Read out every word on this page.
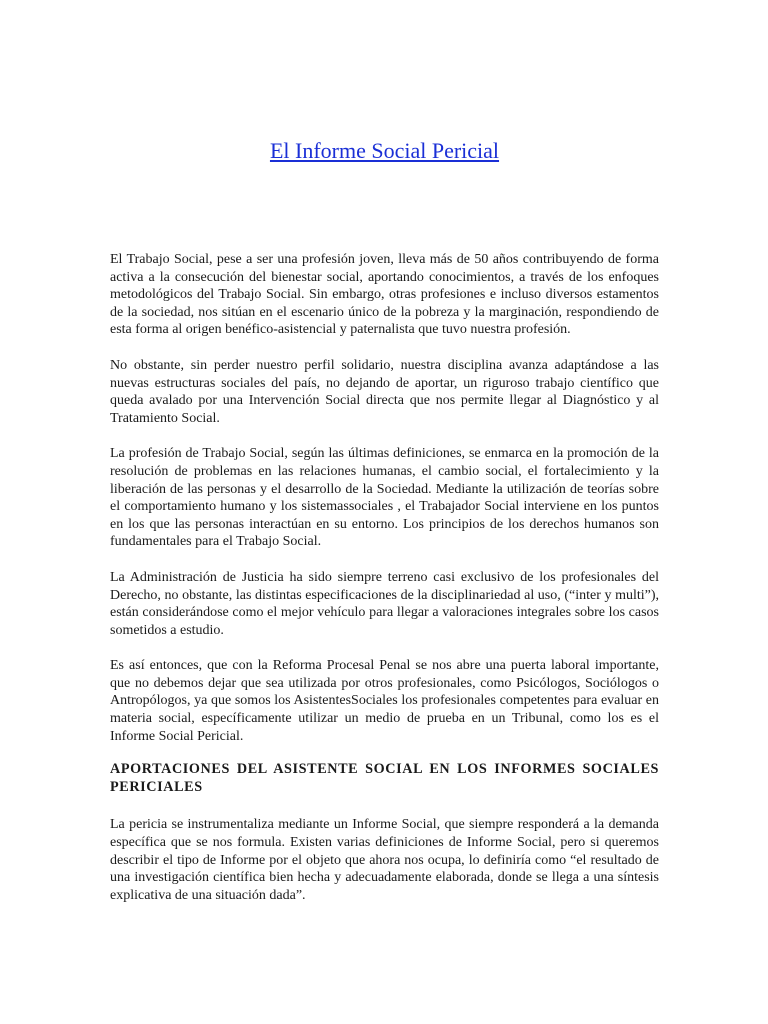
El Informe Social Pericial

El Trabajo Social, pese a ser una profesión joven, lleva más de 50 años contribuyendo de forma activa a la consecución del bienestar social, aportando conocimientos, a través de los enfoques metodológicos del Trabajo Social. Sin embargo, otras profesiones e incluso diversos estamentos de la sociedad, nos sitúan en el escenario único de la pobreza y la marginación, respondiendo de esta forma al origen benéfico-asistencial y paternalista que tuvo nuestra profesión.

No obstante, sin perder nuestro perfil solidario, nuestra disciplina avanza adaptándose a las nuevas estructuras sociales del país, no dejando de aportar, un riguroso trabajo científico que queda avalado por una Intervención Social directa que nos permite llegar al Diagnóstico y al Tratamiento Social.

La profesión de Trabajo Social, según las últimas definiciones, se enmarca en la promoción de la resolución de problemas en las relaciones humanas, el cambio social, el fortalecimiento y la liberación de las personas y el desarrollo de la Sociedad. Mediante la utilización de teorías sobre el comportamiento humano y los sistemassociales , el Trabajador Social interviene en los puntos en los que las personas interactúan en su entorno. Los principios de los derechos humanos son fundamentales para el Trabajo Social.

La Administración de Justicia ha sido siempre terreno casi exclusivo de los profesionales del Derecho, no obstante, las distintas especificaciones de la disciplinariedad al uso, (“inter y multi”), están considerándose como el mejor vehículo para llegar a valoraciones integrales sobre los casos sometidos a estudio.

Es así entonces, que con la Reforma Procesal Penal se nos abre una puerta laboral importante, que no debemos dejar que sea utilizada por otros profesionales, como Psicólogos, Sociólogos o Antropólogos, ya que somos los AsistentesSociales los profesionales competentes para evaluar en materia social, específicamente utilizar un medio de prueba en un Tribunal, como los es el Informe Social Pericial.

APORTACIONES DEL ASISTENTE SOCIAL EN LOS INFORMES SOCIALES PERICIALES

La pericia se instrumentaliza mediante un Informe Social, que siempre responderá a la demanda específica que se nos formula. Existen varias definiciones de Informe Social, pero si queremos describir el tipo de Informe por el objeto que ahora nos ocupa, lo definiría como “el resultado de una investigación científica bien hecha y adecuadamente elaborada, donde se llega a una síntesis explicativa de una situación dada”.
